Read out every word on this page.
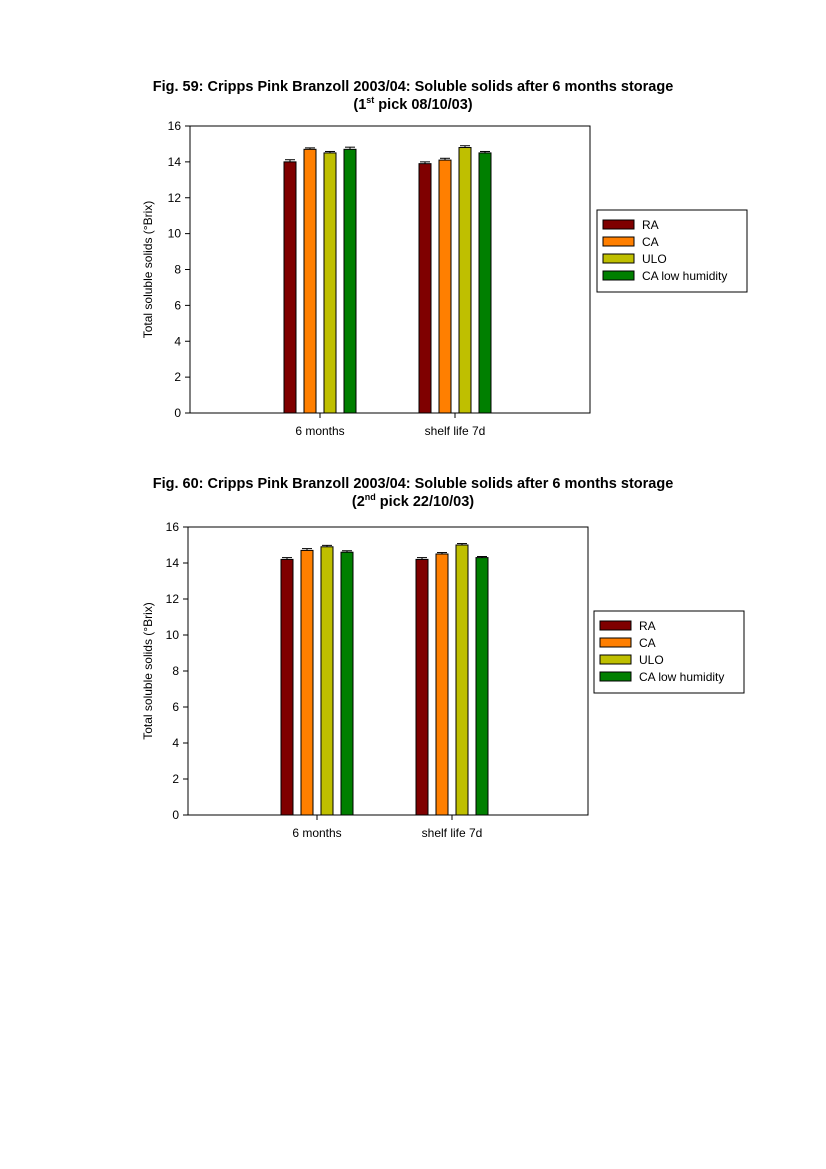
Fig. 59: Cripps Pink Branzoll 2003/04: Soluble solids after 6 months storage
(1st pick 08/10/03)
0
2
4
6
8
10
12
14
16
Total soluble solids (°Brix)
6 months	shelf life 7d
RA
CA
ULO
CA low humidity
Fig. 60: Cripps Pink Branzoll 2003/04: Soluble solids after 6 months storage
(2nd pick 22/10/03)
0
2
4
6
8
10
12
14
16
Total soluble solids (°Brix)
6 months	shelf life 7d
RA
CA
ULO
CA low humidity
